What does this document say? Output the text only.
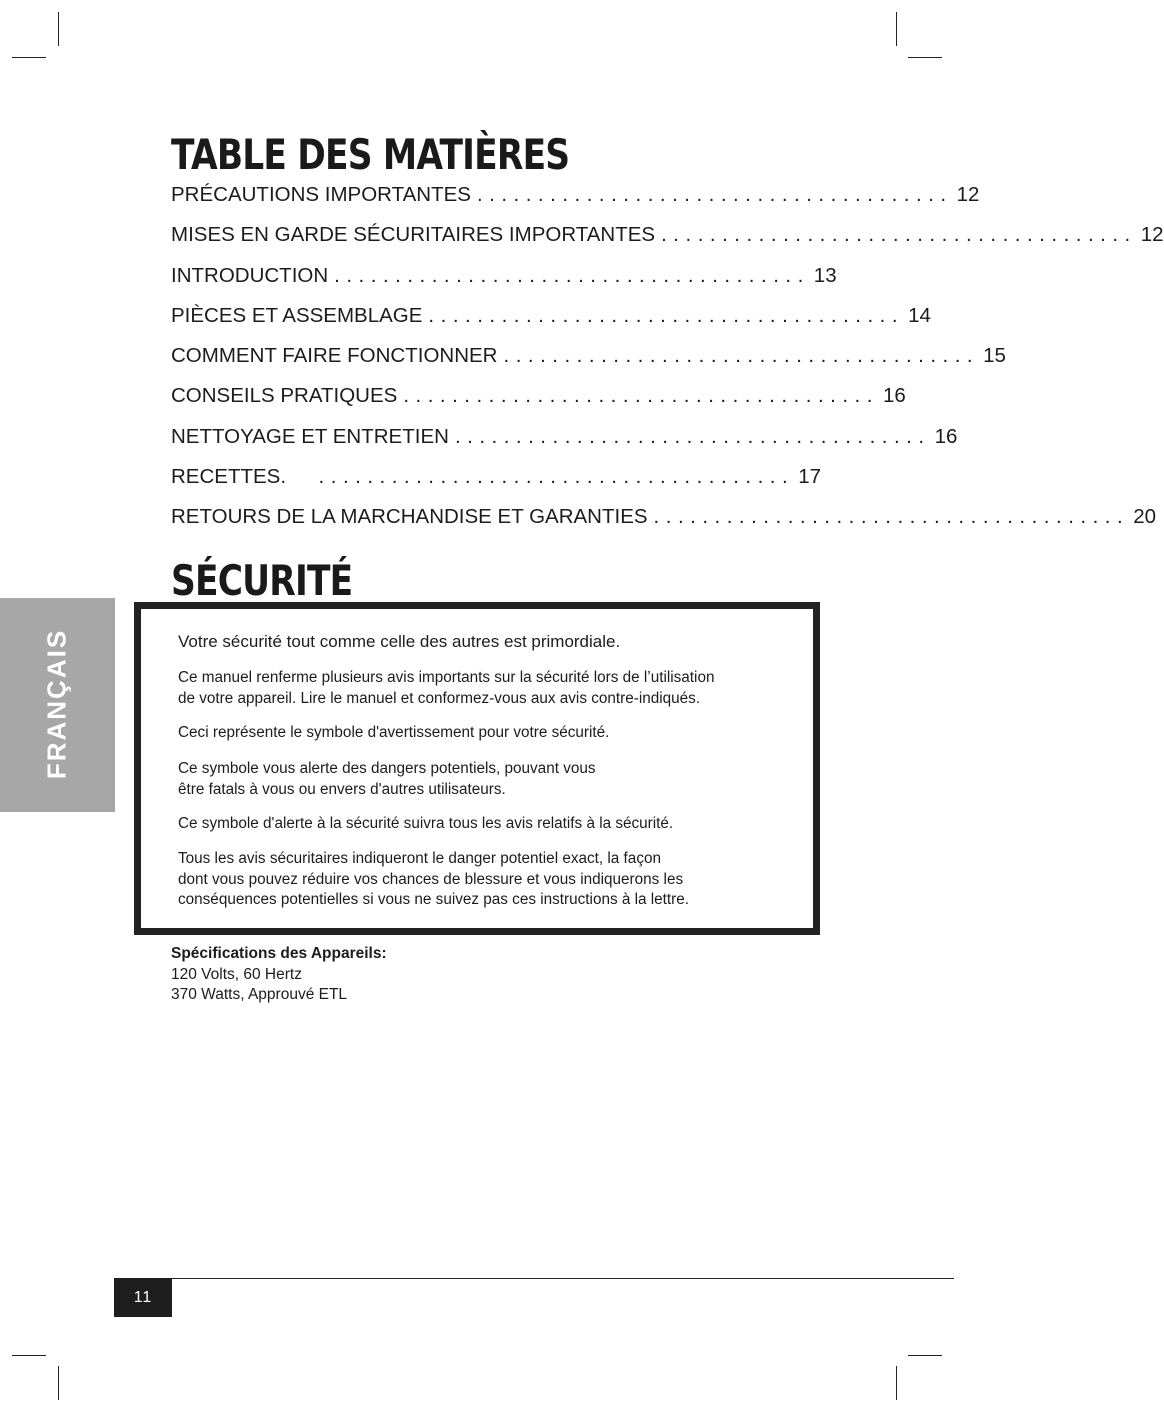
TABLE DES MATIÈRES
PRÉCAUTIONS IMPORTANTES ....................................... 12
MISES EN GARDE SÉCURITAIRES IMPORTANTES ....................................... 12
INTRODUCTION ....................................... 13
PIÈCES ET ASSEMBLAGE ....................................... 14
COMMENT FAIRE FONCTIONNER ....................................... 15
CONSEILS PRATIQUES ....................................... 16
NETTOYAGE ET ENTRETIEN ....................................... 16
RECETTES.	....................................... 17
RETOURS DE LA MARCHANDISE ET GARANTIES ....................................... 20
SÉCURITÉ
FRANÇAIS	Votre sécurité tout comme celle des autres est primordiale.

Ce manuel renferme plusieurs avis importants sur la sécurité lors de l’utilisation

de votre appareil. Lire le manuel et conformez-vous aux avis contre-indiqués.

Ceci représente le symbole d'avertissement pour votre sécurité.

Ce symbole vous alerte des dangers potentiels, pouvant vous

être fatals à vous ou envers d'autres utilisateurs.

Ce symbole d'alerte à la sécurité suivra tous les avis relatifs à la sécurité.

Tous les avis sécuritaires indiqueront le danger potentiel exact, la façon

dont vous pouvez réduire vos chances de blessure et vous indiquerons les

conséquences potentielles si vous ne suivez pas ces instructions à la lettre.

Spécifications des Appareils:
120 Volts, 60 Hertz
370 Watts, Approuvé ETL
11
